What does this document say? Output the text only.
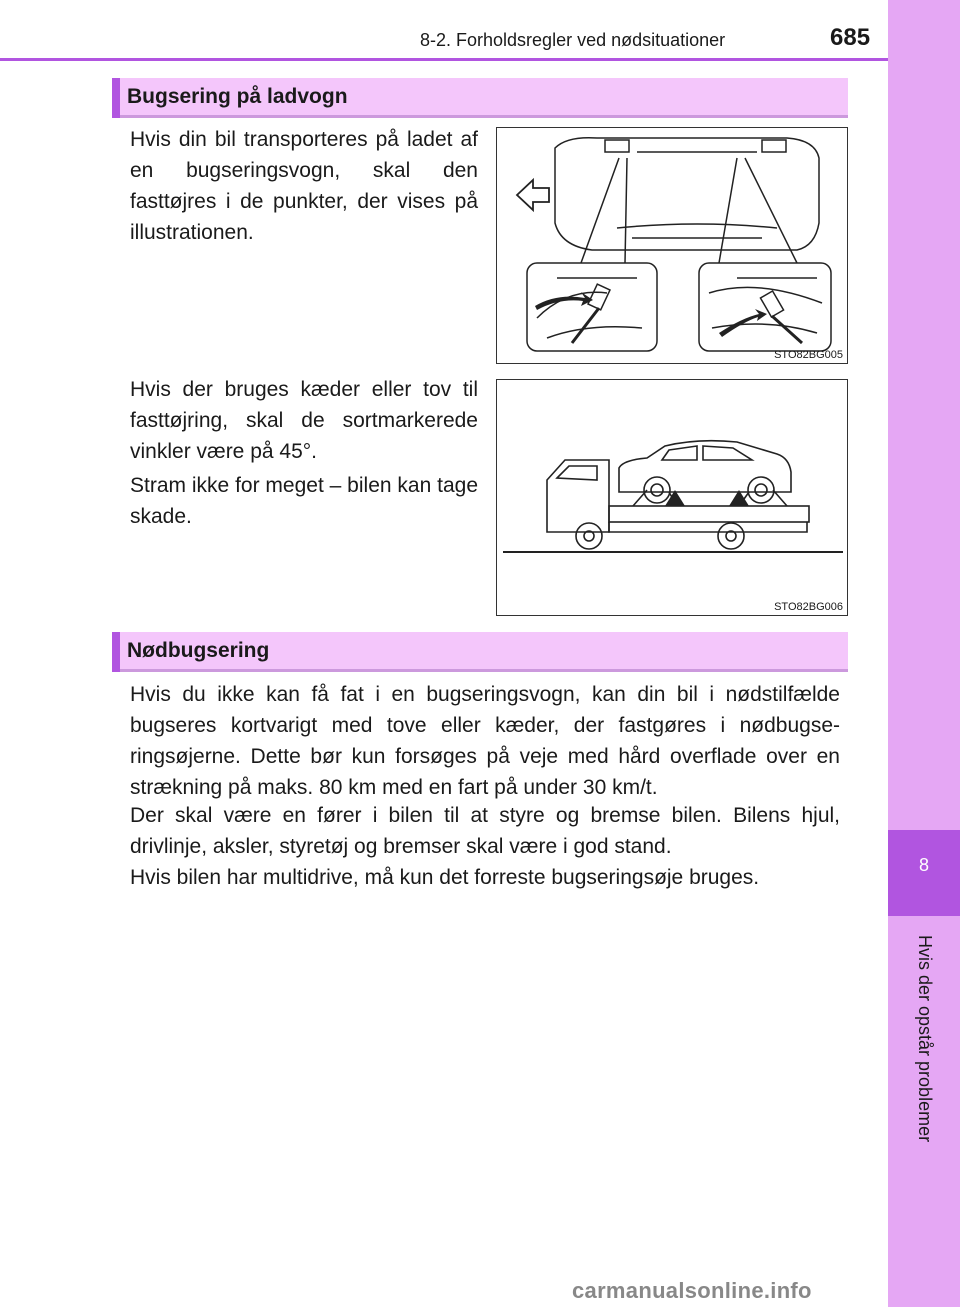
8
Hvis der opstår problemer
8-2. Forholdsregler ved nødsituationer	685
Bugsering på ladvogn
Hvis din bil transporteres på ladet af en bugseringsvogn, skal den fasttøjres i de punkter, der vises på illustrationen.
Hvis der bruges kæder eller tov til fasttøjring, skal de sortmarkerede vinkler være på 45°.
Stram ikke for meget – bilen kan tage skade.
STO82BG005
STO82BG006
Nødbugsering
Hvis du ikke kan få fat i en bugseringsvogn, kan din bil i nødstilfælde bugseres kortvarigt med tove eller kæder, der fastgøres i nødbugse-ringsøjerne. Dette bør kun forsøges på veje med hård overflade over en strækning på maks. 80 km med en fart på under 30 km/t.
Der skal være en fører i bilen til at styre og bremse bilen. Bilens hjul, drivlinje, aksler, styretøj og bremser skal være i god stand.
Hvis bilen har multidrive, må kun det forreste bugseringsøje bruges.
carmanualsonline.info
